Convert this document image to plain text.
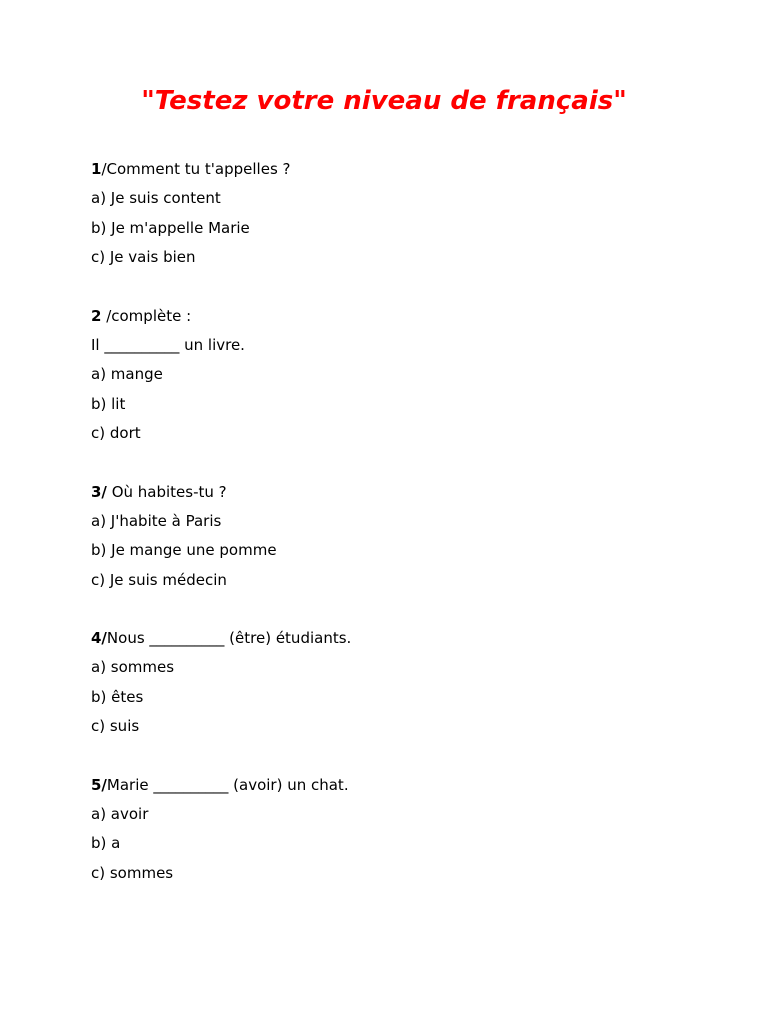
"Testez votre niveau de français"
1/Comment tu t'appelles ?
a) Je suis content
b) Je m'appelle Marie
c) Je vais bien
2 /complète :
Il __________ un livre.
a) mange
b) lit
c) dort
3/ Où habites-tu ?
a) J'habite à Paris
b) Je mange une pomme
c) Je suis médecin
4/Nous __________ (être) étudiants.
a) sommes
b) êtes
c) suis
5/Marie __________ (avoir) un chat.
a) avoir
b) a
c) sommes
